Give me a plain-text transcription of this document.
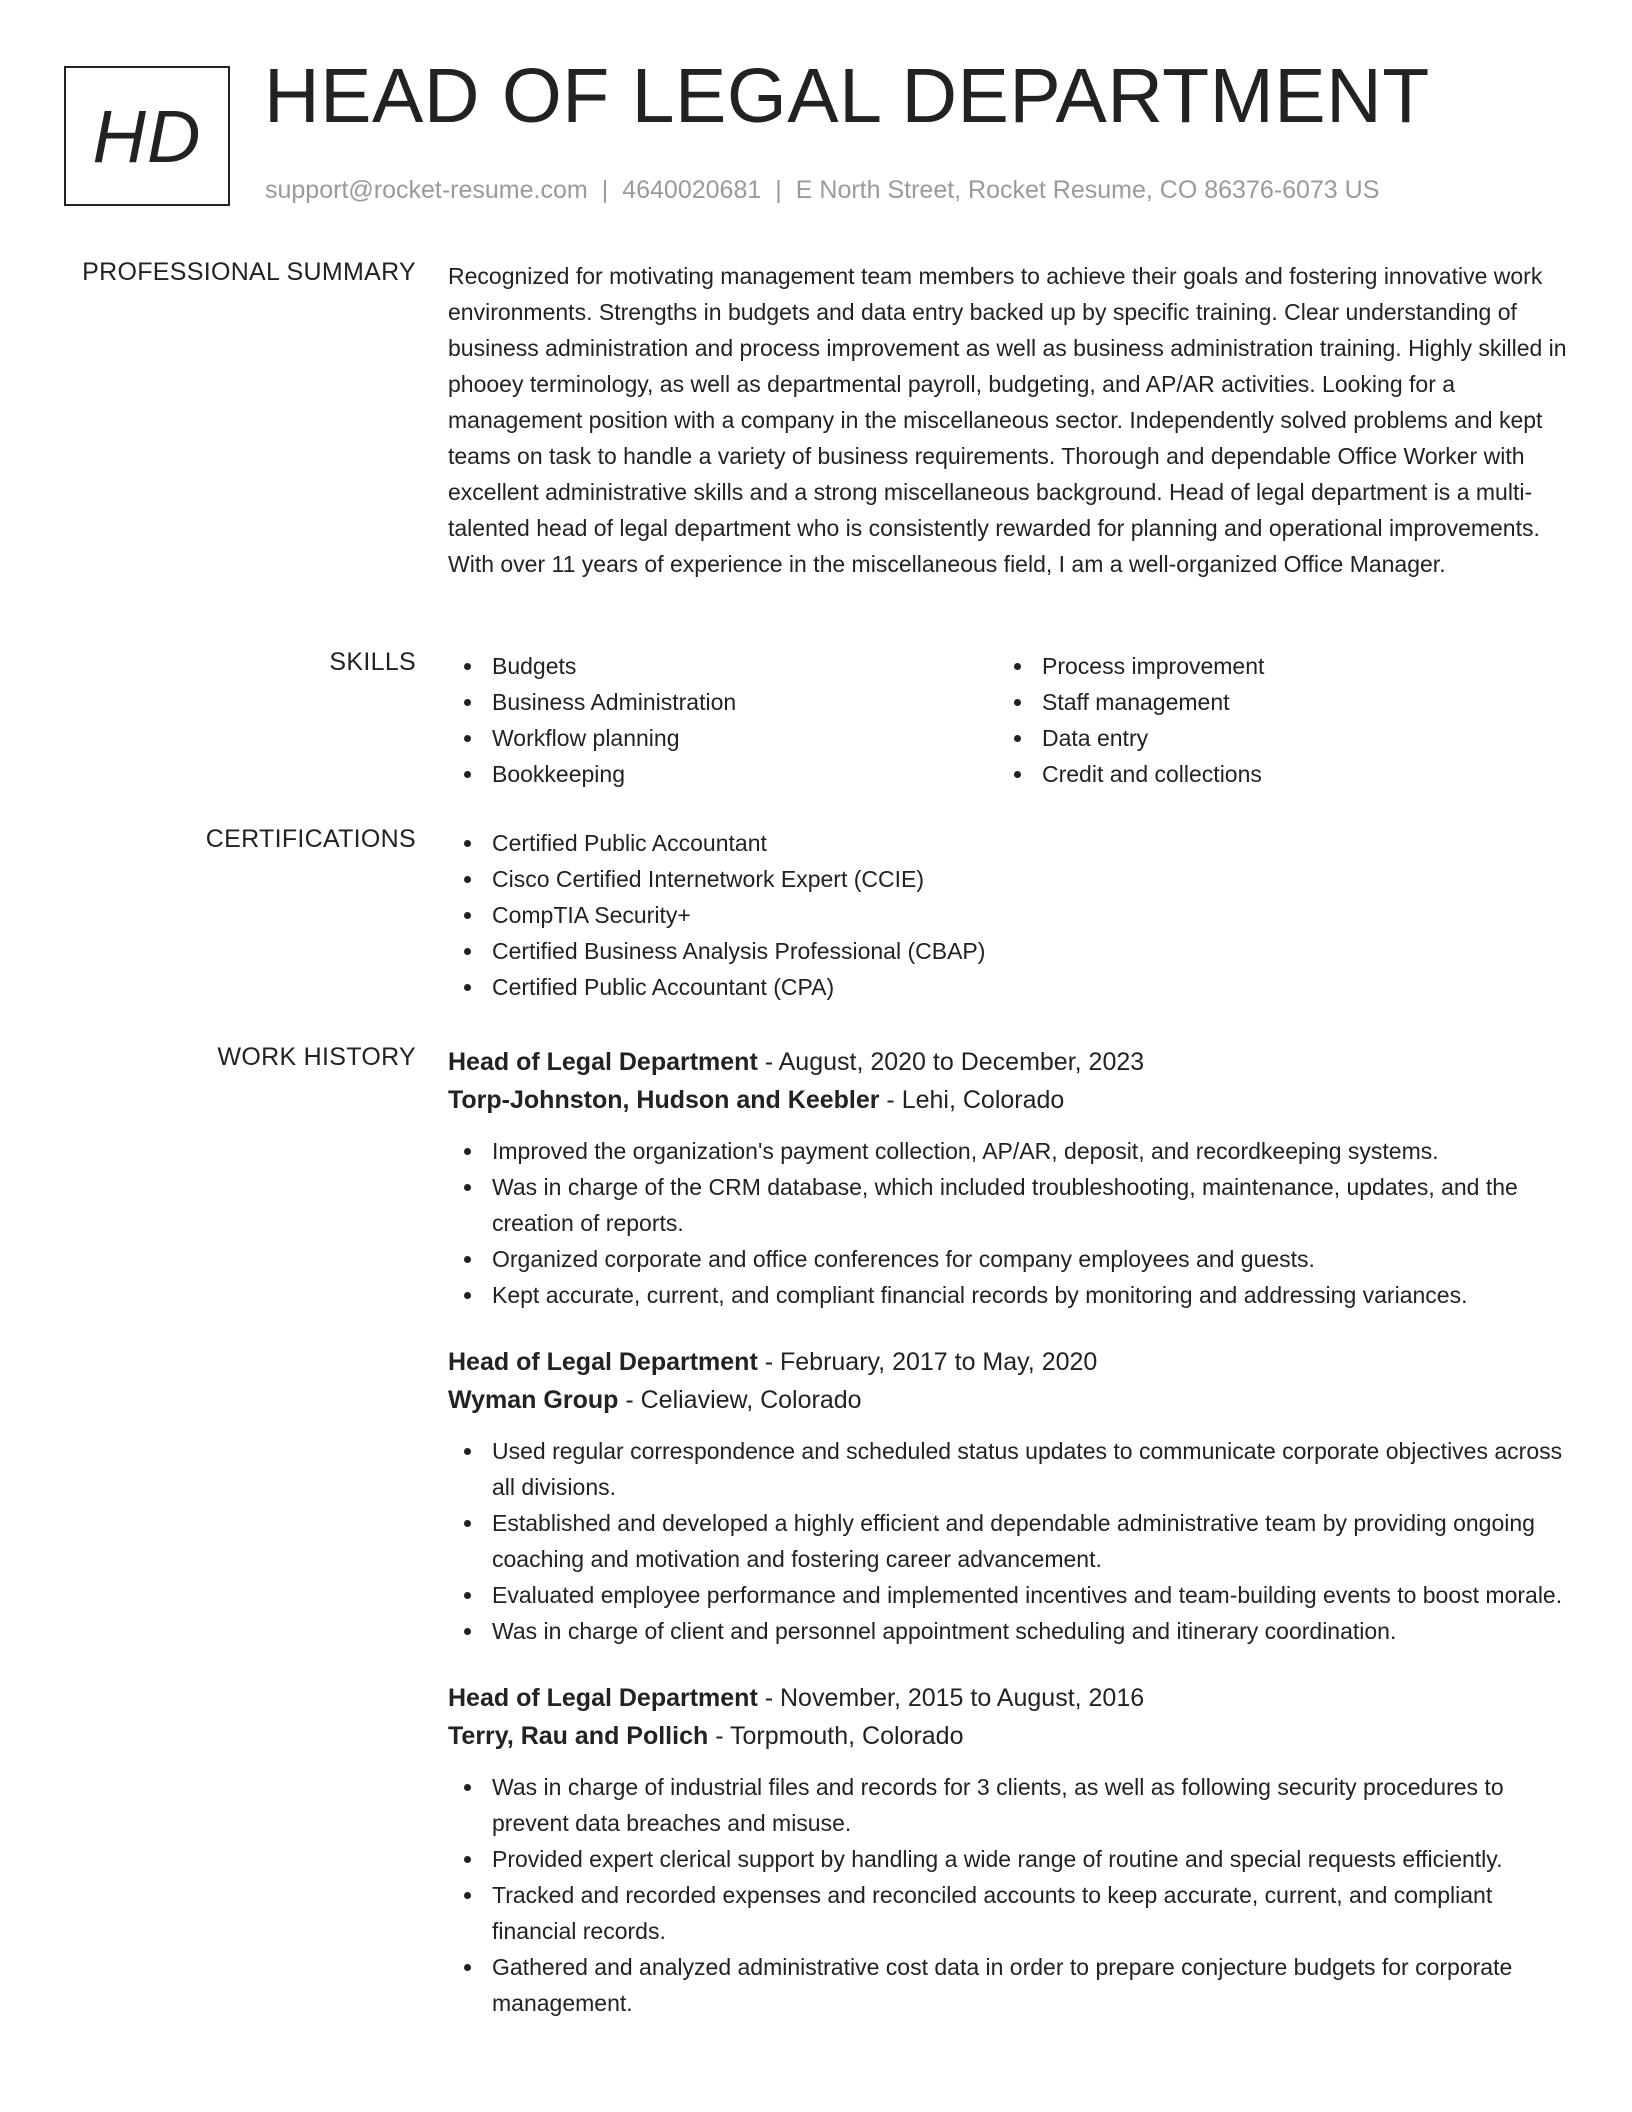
HD HEAD OF LEGAL DEPARTMENT
support@rocket-resume.com | 4640020681 | E North Street, Rocket Resume, CO 86376-6073 US
PROFESSIONAL SUMMARY Recognized for motivating management team members to achieve their goals and fostering innovative work environments. Strengths in budgets and data entry backed up by specific training. Clear understanding of business administration and process improvement as well as business administration training. Highly skilled in phooey terminology, as well as departmental payroll, budgeting, and AP/AR activities. Looking for a management position with a company in the miscellaneous sector. Independently solved problems and kept teams on task to handle a variety of business requirements. Thorough and dependable Office Worker with excellent administrative skills and a strong miscellaneous background. Head of legal department is a multi-talented head of legal department who is consistently rewarded for planning and operational improvements. With over 11 years of experience in the miscellaneous field, I am a well-organized Office Manager.

SKILLS	Budgets	Process improvement
Business Administration	Staff management
Workflow planning	Data entry
Bookkeeping	Credit and collections
CERTIFICATIONS	Certified Public Accountant
Cisco Certified Internetwork Expert (CCIE)
CompTIA Security+
Certified Business Analysis Professional (CBAP)
Certified Public Accountant (CPA)
WORK HISTORY Head of Legal Department - August, 2020 to December, 2023
Torp-Johnston, Hudson and Keebler - Lehi, Colorado
Improved the organization's payment collection, AP/AR, deposit, and recordkeeping systems.
Was in charge of the CRM database, which included troubleshooting, maintenance, updates, and the creation of reports.
Organized corporate and office conferences for company employees and guests.
Kept accurate, current, and compliant financial records by monitoring and addressing variances.
Head of Legal Department - February, 2017 to May, 2020
Wyman Group - Celiaview, Colorado
Used regular correspondence and scheduled status updates to communicate corporate objectives across all divisions.
Established and developed a highly efficient and dependable administrative team by providing ongoing coaching and motivation and fostering career advancement.
Evaluated employee performance and implemented incentives and team-building events to boost morale.
Was in charge of client and personnel appointment scheduling and itinerary coordination.
Head of Legal Department - November, 2015 to August, 2016
Terry, Rau and Pollich - Torpmouth, Colorado
Was in charge of industrial files and records for 3 clients, as well as following security procedures to prevent data breaches and misuse.
Provided expert clerical support by handling a wide range of routine and special requests efficiently.
Tracked and recorded expenses and reconciled accounts to keep accurate, current, and compliant financial records.
Gathered and analyzed administrative cost data in order to prepare conjecture budgets for corporate management.
